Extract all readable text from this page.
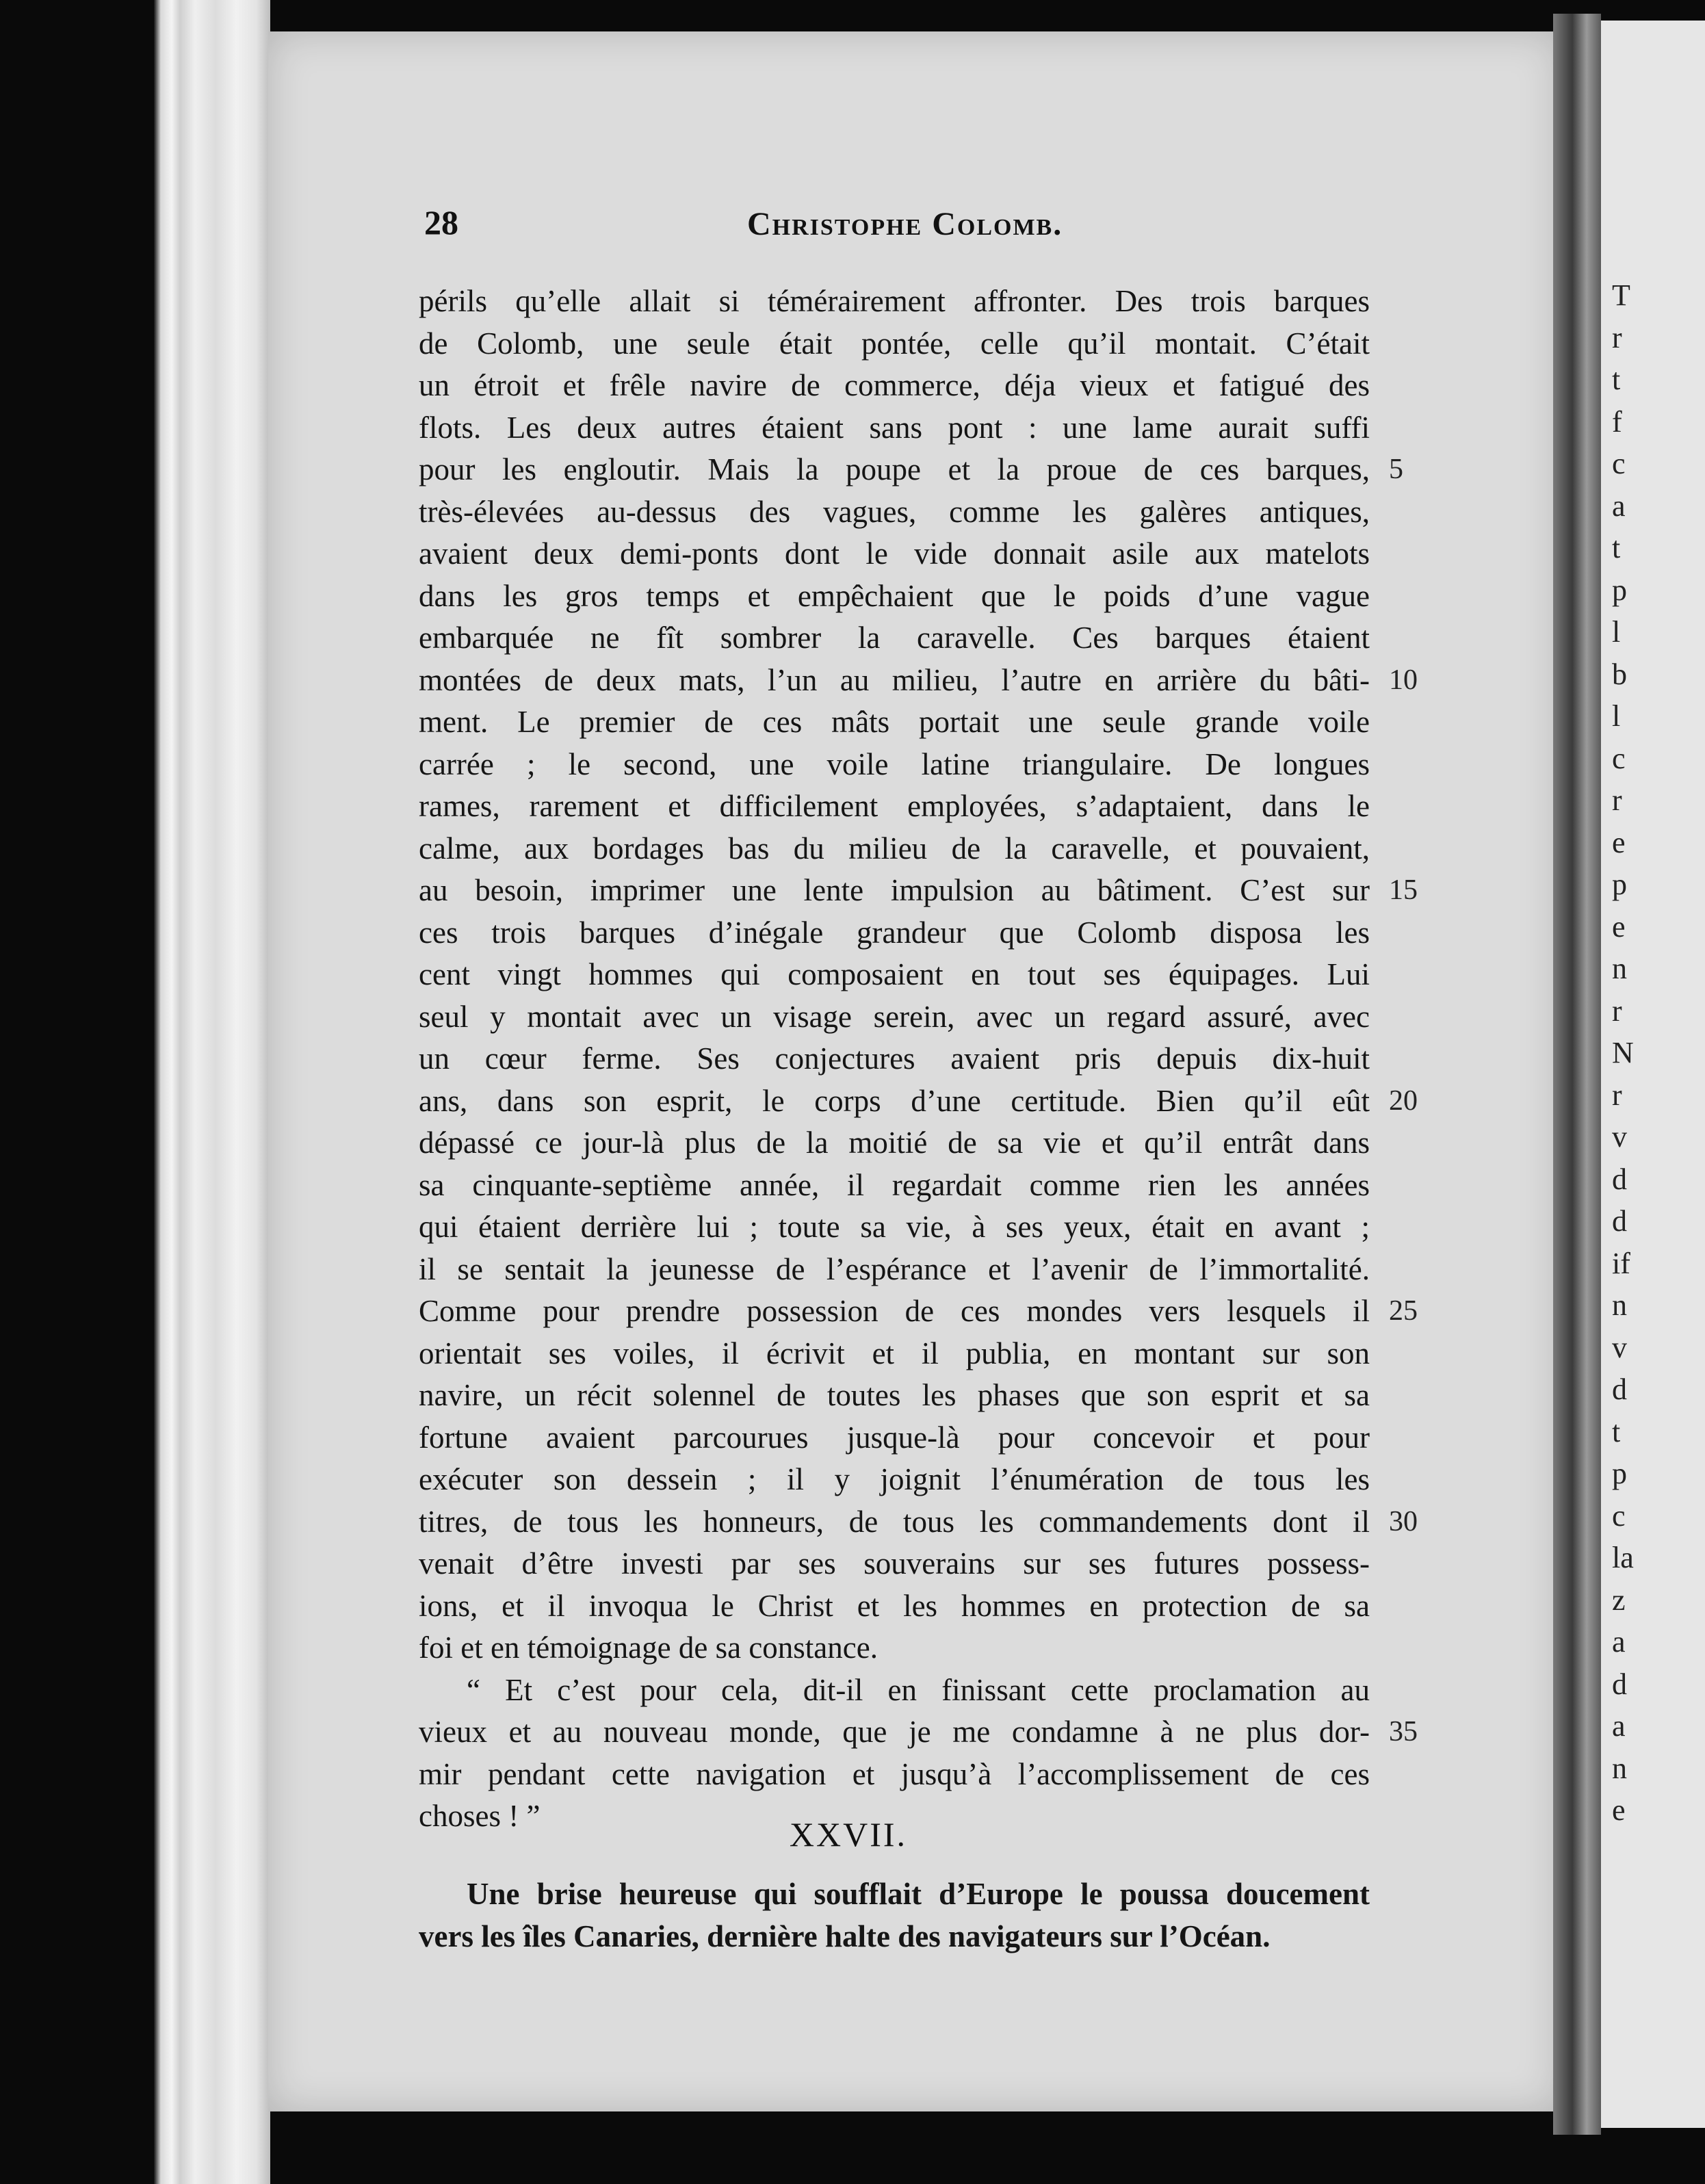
T
r
t
f
c
a
t
p
l
b
l
c
r
e
p
e
n
r
N
r
v
d
d
if
n
v
d
t
p
c
la
z
a
d
a
n
e
28	Christophe Colomb.
périls qu’elle allait si témérairement affronter. Des trois barques
de Colomb, une seule était pontée, celle qu’il montait. C’était
un étroit et frêle navire de commerce, déja vieux et fatigué des
flots. Les deux autres étaient sans pont : une lame aurait suffi
pour les engloutir. Mais la poupe et la proue de ces barques, 5
très-élevées au-dessus des vagues, comme les galères antiques,
avaient deux demi-ponts dont le vide donnait asile aux matelots
dans les gros temps et empêchaient que le poids d’une vague
embarquée ne fît sombrer la caravelle. Ces barques étaient
montées de deux mats, l’un au milieu, l’autre en arrière du bâti- 10
ment. Le premier de ces mâts portait une seule grande voile
carrée ; le second, une voile latine triangulaire. De longues
rames, rarement et difficilement employées, s’adaptaient, dans le
calme, aux bordages bas du milieu de la caravelle, et pouvaient,
au besoin, imprimer une lente impulsion au bâtiment. C’est sur 15
ces trois barques d’inégale grandeur que Colomb disposa les
cent vingt hommes qui composaient en tout ses équipages. Lui
seul y montait avec un visage serein, avec un regard assuré, avec
un cœur ferme. Ses conjectures avaient pris depuis dix-huit
ans, dans son esprit, le corps d’une certitude. Bien qu’il eût 20
dépassé ce jour-là plus de la moitié de sa vie et qu’il entrât dans
sa cinquante-septième année, il regardait comme rien les années
qui étaient derrière lui ; toute sa vie, à ses yeux, était en avant ;
il se sentait la jeunesse de l’espérance et l’avenir de l’immortalité.
Comme pour prendre possession de ces mondes vers lesquels il 25
orientait ses voiles, il écrivit et il publia, en montant sur son
navire, un récit solennel de toutes les phases que son esprit et sa
fortune avaient parcourues jusque-là pour concevoir et pour
exécuter son dessein ; il y joignit l’énumération de tous les
titres, de tous les honneurs, de tous les commandements dont il 30
venait d’être investi par ses souverains sur ses futures possess-
ions, et il invoqua le Christ et les hommes en protection de sa
foi et en témoignage de sa constance.
“ Et c’est pour cela, dit-il en finissant cette proclamation au
vieux et au nouveau monde, que je me condamne à ne plus dor- 35
mir pendant cette navigation et jusqu’à l’accomplissement de ces
choses ! ”	XXVII.
Une brise heureuse qui soufflait d’Europe le poussa doucement
vers les îles Canaries, dernière halte des navigateurs sur l’Océan.
